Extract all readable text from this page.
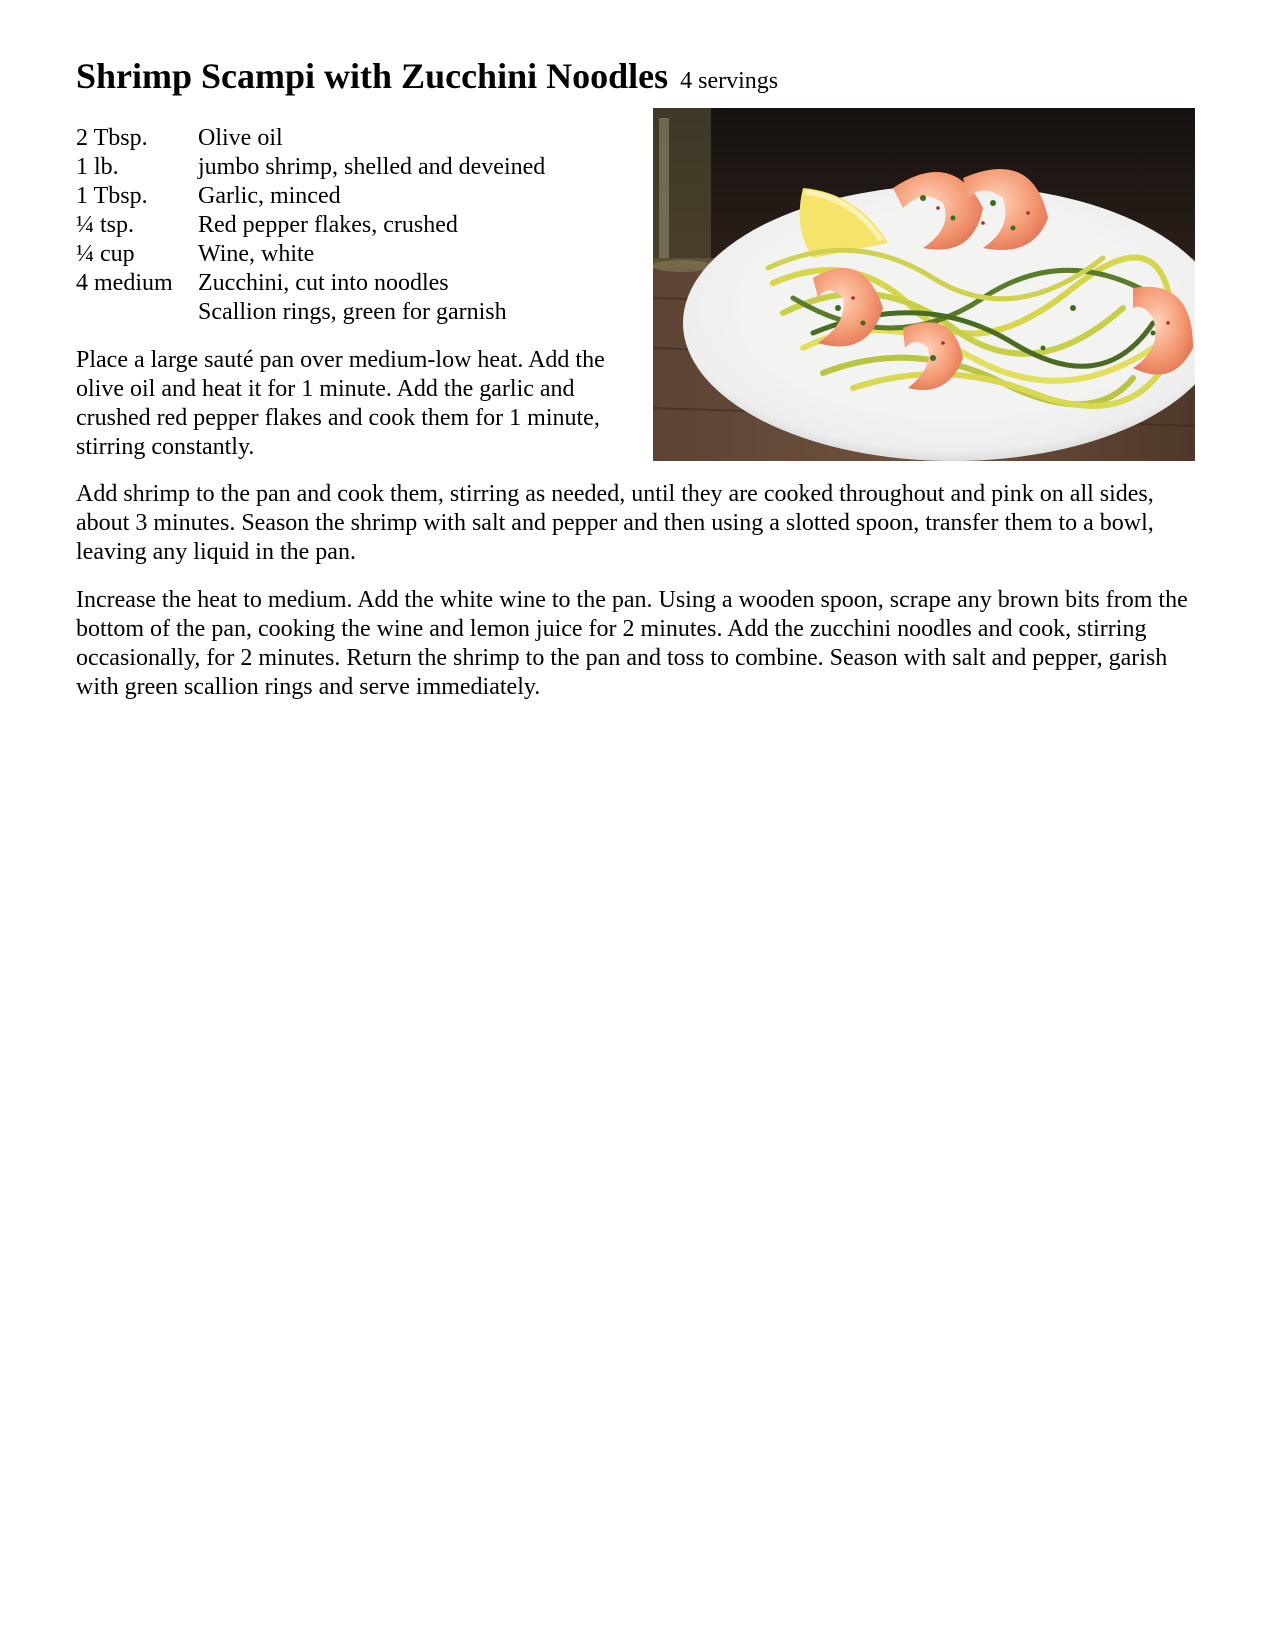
Shrimp Scampi with Zucchini Noodles 4 servings
2 Tbsp.	Olive oil
1 lb.	jumbo shrimp, shelled and deveined
1 Tbsp.	Garlic, minced
¼ tsp.	Red pepper flakes, crushed
¼ cup	Wine, white
4 medium	Zucchini, cut into noodles
	Scallion rings, green for garnish

Place a large sauté pan over medium-low heat. Add the olive oil and heat it for 1 minute. Add the garlic and crushed red pepper flakes and cook them for 1 minute, stirring constantly.

Add shrimp to the pan and cook them, stirring as needed, until they are cooked throughout and pink on all sides, about 3 minutes. Season the shrimp with salt and pepper and then using a slotted spoon, transfer them to a bowl, leaving any liquid in the pan.

Increase the heat to medium. Add the white wine to the pan. Using a wooden spoon, scrape any brown bits from the bottom of the pan, cooking the wine and lemon juice for 2 minutes. Add the zucchini noodles and cook, stirring occasionally, for 2 minutes. Return the shrimp to the pan and toss to combine. Season with salt and pepper, garish with green scallion rings and serve immediately.
